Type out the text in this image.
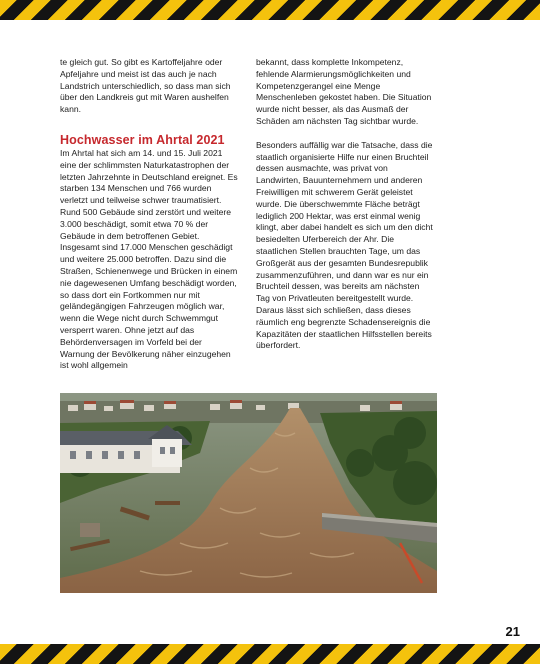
te gleich gut. So gibt es Kartoffeljahre oder Apfeljahre und meist ist das auch je nach Landstrich unterschiedlich, so dass man sich über den Landkreis gut mit Waren aushelfen kann.

Hochwasser im Ahrtal 2021

Im Ahrtal hat sich am 14. und 15. Juli 2021 eine der schlimmsten Naturkatastrophen der letzten Jahrzehnte in Deutschland ereignet. Es starben 134 Menschen und 766 wurden verletzt und teilweise schwer traumatisiert. Rund 500 Gebäude sind zerstört und weitere 3.000 beschädigt, somit etwa 70 % der Gebäude in dem betroffenen Gebiet. Insgesamt sind 17.000 Menschen geschädigt und weitere 25.000 betroffen. Dazu sind die Straßen, Schienenwege und Brücken in einem nie dagewesenen Umfang beschädigt worden, so dass dort ein Fortkommen nur mit geländegängigen Fahrzeugen möglich war, wenn die Wege nicht durch Schwemmgut versperrt waren. Ohne jetzt auf das Behördenversagen im Vorfeld bei der Warnung der Bevölkerung näher einzugehen ist wohl allgemein

bekannt, dass komplette Inkompetenz, fehlende Alarmierungsmöglichkeiten und Kompetenzgerangel eine Menge Menschenleben gekostet haben. Die Situation wurde nicht besser, als das Ausmaß der Schäden am nächsten Tag sichtbar wurde.

Besonders auffällig war die Tatsache, dass die staatlich organisierte Hilfe nur einen Bruchteil dessen ausmachte, was privat von Landwirten, Bauunternehmern und anderen Freiwilligen mit schwerem Gerät geleistet wurde. Die überschwemmte Fläche beträgt lediglich 200 Hektar, was erst einmal wenig klingt, aber dabei handelt es sich um den dicht besiedelten Uferbereich der Ahr. Die staatlichen Stellen brauchten Tage, um das Großgerät aus der gesamten Bundesrepublik zusammenzuführen, und dann war es nur ein Bruchteil dessen, was bereits am nächsten Tag von Privatleuten bereitgestellt wurde. Daraus lässt sich schließen, dass dieses räumlich eng begrenzte Schadensereignis die Kapazitäten der staatlichen Hilfsstellen bereits überfordert.

21
